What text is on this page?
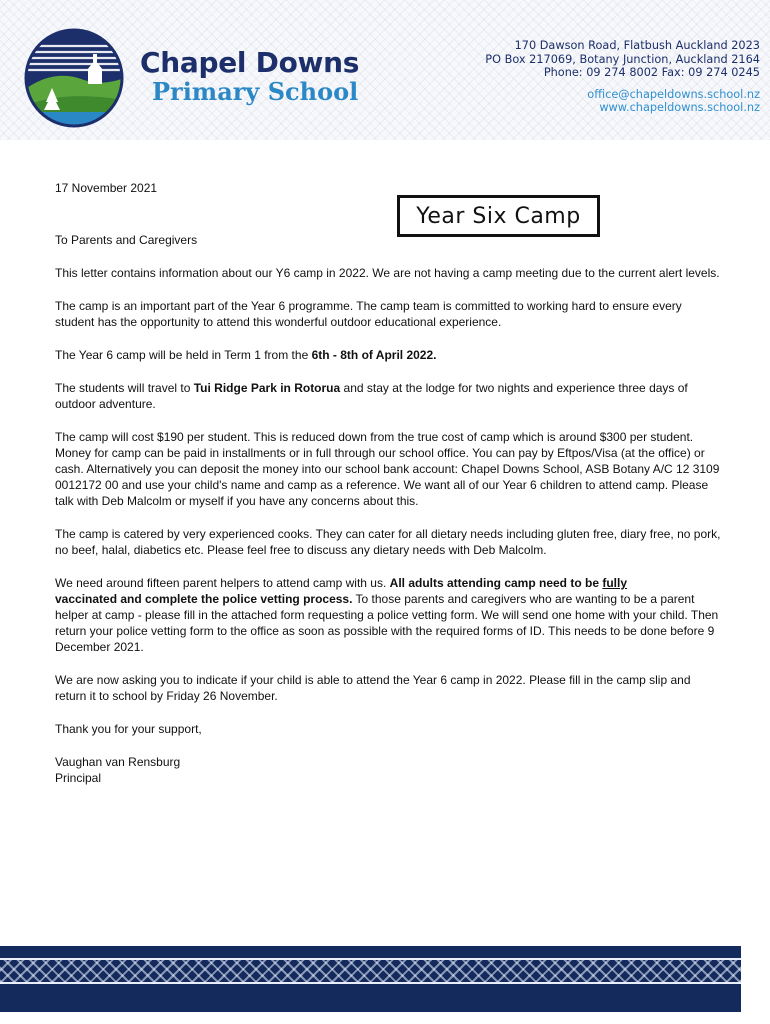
Chapel Downs
Primary School
170 Dawson Road, Flatbush Auckland 2023
PO Box 217069, Botany Junction, Auckland 2164
Phone: 09 274 8002 Fax: 09 274 0245
office@chapeldowns.school.nz
www.chapeldowns.school.nz
17 November 2021
Year Six Camp

To Parents and Caregivers

This letter contains information about our Y6 camp in 2022. We are not having a camp meeting due to the current alert levels.

The camp is an important part of the Year 6 programme. The camp team is committed to working hard to ensure every student has the opportunity to attend this wonderful outdoor educational experience.

The Year 6 camp will be held in Term 1 from the 6th - 8th of April 2022.

The students will travel to Tui Ridge Park in Rotorua and stay at the lodge for two nights and experience three days of outdoor adventure.

The camp will cost $190 per student. This is reduced down from the true cost of camp which is around $300 per student. Money for camp can be paid in installments or in full through our school office. You can pay by Eftpos/Visa (at the office) or cash. Alternatively you can deposit the money into our school bank account: Chapel Downs School, ASB Botany A/C 12 3109 0012172 00 and use your child's name and camp as a reference. We want all of our Year 6 children to attend camp. Please talk with Deb Malcolm or myself if you have any concerns about this.

The camp is catered by very experienced cooks. They can cater for all dietary needs including gluten free, diary free, no pork, no beef, halal, diabetics etc. Please feel free to discuss any dietary needs with Deb Malcolm.

We need around fifteen parent helpers to attend camp with us. All adults attending camp need to be fully
vaccinated and complete the police vetting process. To those parents and caregivers who are wanting to be a parent helper at camp - please fill in the attached form requesting a police vetting form. We will send one home with your child. Then return your police vetting form to the office as soon as possible with the required forms of ID. This needs to be done before 9 December 2021.

We are now asking you to indicate if your child is able to attend the Year 6 camp in 2022. Please fill in the camp slip and return it to school by Friday 26 November.

Thank you for your support,

Vaughan van Rensburg
Principal
